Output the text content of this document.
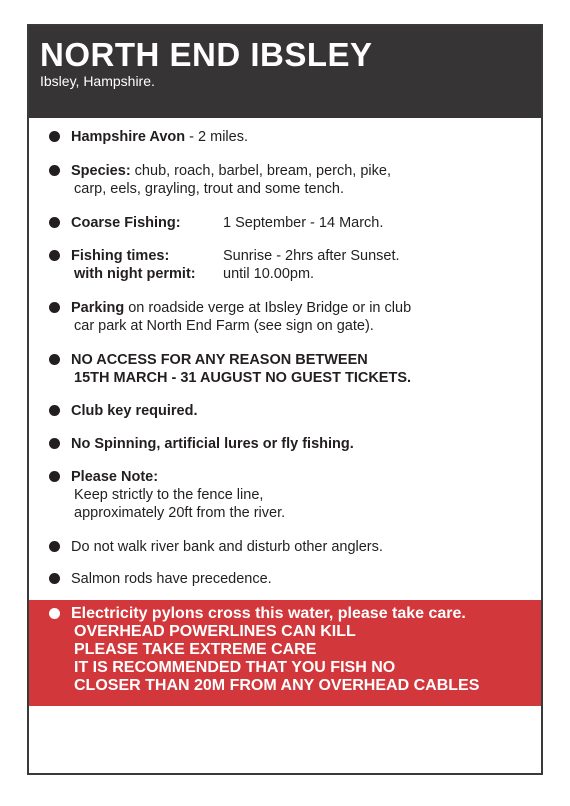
NORTH END IBSLEY
Ibsley, Hampshire.
Hampshire Avon - 2 miles.
Species: chub, roach, barbel, bream, perch, pike,
carp, eels, grayling, trout and some tench.
Coarse Fishing:	1 September - 14 March.
Fishing times:	Sunrise - 2hrs after Sunset.
with night permit: until 10.00pm.
Parking on roadside verge at Ibsley Bridge or in club
car park at North End Farm (see sign on gate).
NO ACCESS FOR ANY REASON BETWEEN
15TH MARCH - 31 AUGUST NO GUEST TICKETS.
Club key required.
No Spinning, artificial lures or fly fishing.
Please Note:
Keep strictly to the fence line,
approximately 20ft from the river.
Do not walk river bank and disturb other anglers.
Salmon rods have precedence.
Electricity pylons cross this water, please take care.
OVERHEAD POWERLINES CAN KILL
PLEASE TAKE EXTREME CARE
IT IS RECOMMENDED THAT YOU FISH NO
CLOSER THAN 20M FROM ANY OVERHEAD CABLES
